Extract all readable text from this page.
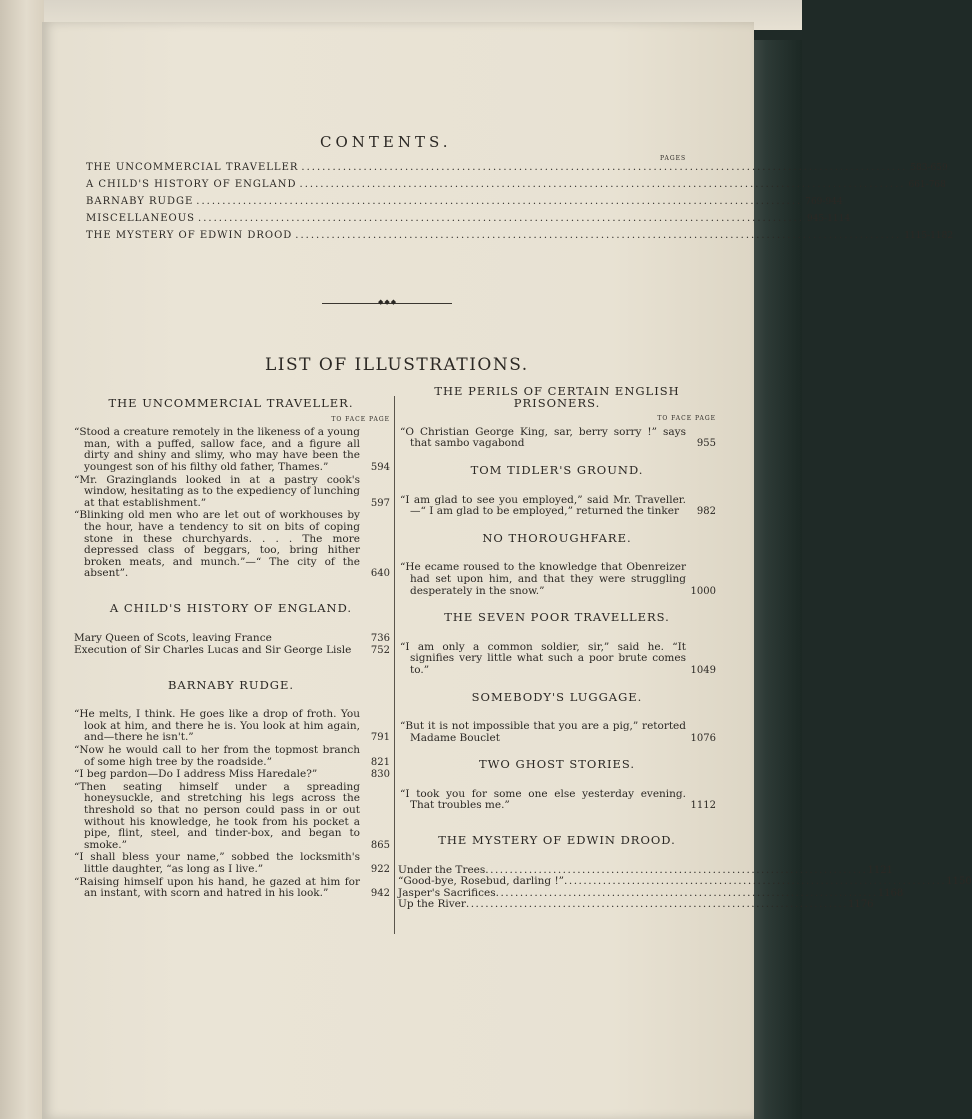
CONTENTS.
PAGES
THE UNCOMMERCIAL TRAVELLER ..................................................................................................................... 583-659
A CHILD'S HISTORY OF ENGLAND ..................................................................................................................... 661-768
BARNABY RUDGE ..................................................................................................................... 769-944
MISCELLANEOUS ..................................................................................................................... 945-1114
THE MYSTERY OF EDWIN DROOD ..................................................................................................................... 1115-1182
◆◆◆
LIST OF ILLUSTRATIONS.
THE UNCOMMERCIAL TRAVELLER.
TO FACE PAGE
“Stood a creature remotely in the likeness of a young man, with a puffed, sallow face, and a figure all dirty and shiny and slimy, who may have been the youngest son of his filthy old father, Thames.”	594
“Mr. Grazinglands looked in at a pastry cook's window, hesitating as to the expediency of lunching at that establishment.”	597
“Blinking old men who are let out of workhouses by the hour, have a tendency to sit on bits of coping stone in these churchyards. . . . The more depressed class of beggars, too, bring hither broken meats, and munch.”—“ The city of the absent”.	640
A CHILD'S HISTORY OF ENGLAND.
Mary Queen of Scots, leaving France	736
Execution of Sir Charles Lucas and Sir George Lisle	752
BARNABY RUDGE.
“He melts, I think. He goes like a drop of froth. You look at him, and there he is. You look at him again, and—there he isn't.”	791
“Now he would call to her from the topmost branch of some high tree by the roadside.”	821
“I beg pardon—Do I address Miss Haredale?”	830
“Then seating himself under a spreading honeysuckle, and stretching his legs across the threshold so that no person could pass in or out without his knowledge, he took from his pocket a pipe, flint, steel, and tinder-box, and began to smoke.”	865
“I shall bless your name,” sobbed the locksmith's little daughter, “as long as I live.”	922
“Raising himself upon his hand, he gazed at him for an instant, with scorn and hatred in his look.”	942
THE PERILS OF CERTAIN ENGLISH PRISONERS.
TO FACE PAGE
“O Christian George King, sar, berry sorry !” says that sambo vagabond	955
TOM TIDLER'S GROUND.
“I am glad to see you employed,” said Mr. Traveller.—“ I am glad to be employed,” returned the tinker	982
NO THOROUGHFARE.
“He ecame roused to the knowledge that Obenreizer had set upon him, and that they were struggling desperately in the snow.”	1000
THE SEVEN POOR TRAVELLERS.
“I am only a common soldier, sir,” said he. “It signifies very little what such a poor brute comes to.”	1049
SOMEBODY'S LUGGAGE.
“But it is not impossible that you are a pig,” retorted Madame Bouclet	1076
TWO GHOST STORIES.
“I took you for some one else yesterday evening. That troubles me.”	1112
THE MYSTERY OF EDWIN DROOD.
Under the Trees ............................................................................... 1121
“Good-bye, Rosebud, darling !” ............................................................................... 1150
Jasper's Sacrifices ............................................................................... 1168
Up the River ............................................................................... 1176
